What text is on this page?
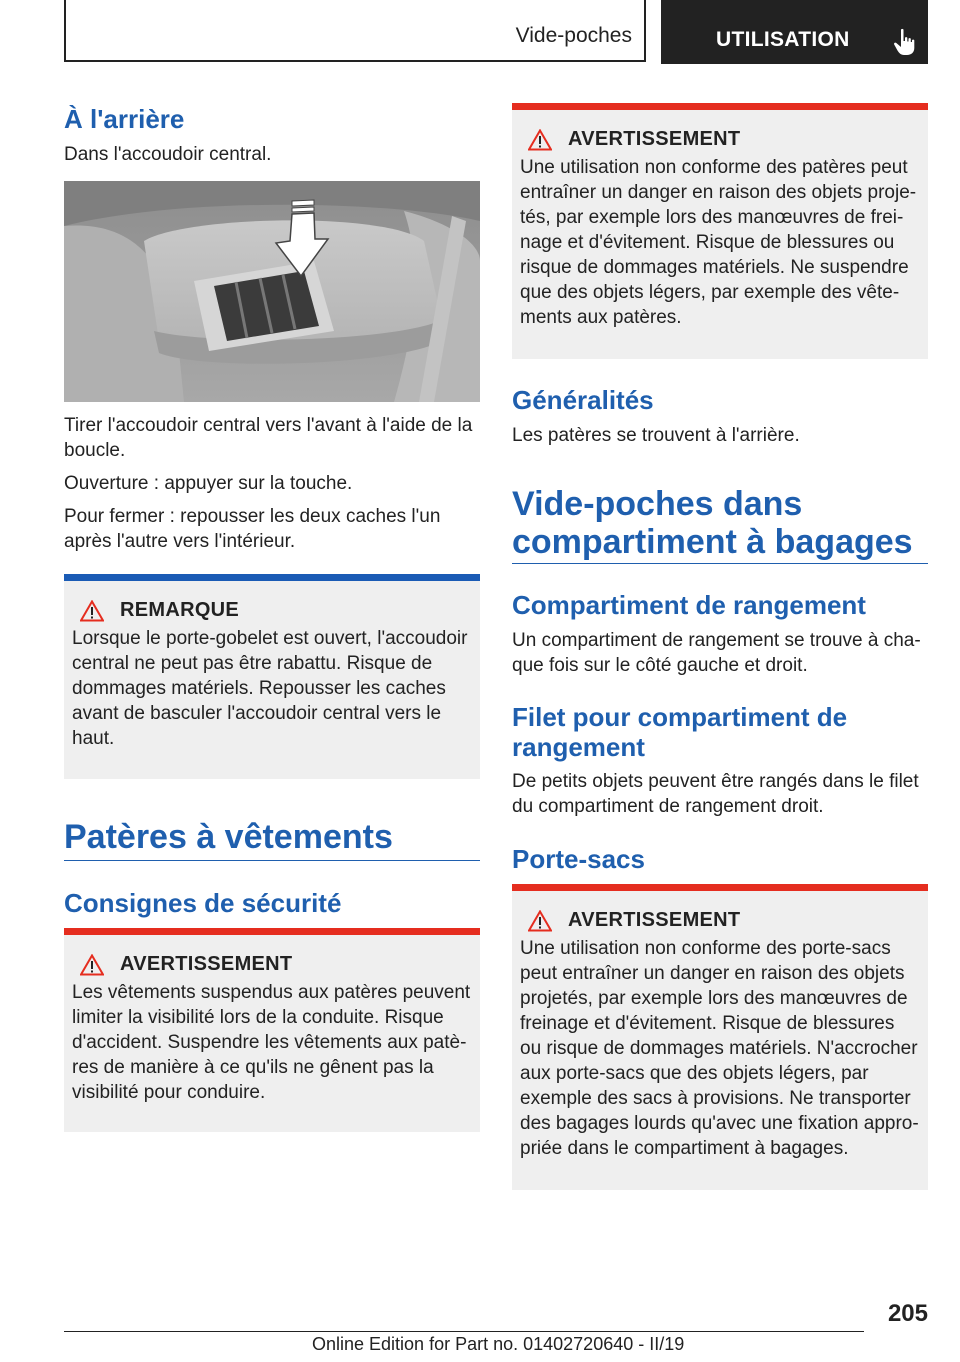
Vide-poches	UTILISATION
À l'arrière

Dans l'accoudoir central.

Tirer l'accoudoir central vers l'avant à l'aide de la boucle.

Ouverture : appuyer sur la touche.

Pour fermer : repousser les deux caches l'un après l'autre vers l'intérieur.

REMARQUE
Lorsque le porte-gobelet est ouvert, l'accoudoir central ne peut pas être rabattu. Risque de dommages matériels. Repousser les caches avant de basculer l'accoudoir central vers le haut.
Patères à vêtements
Consignes de sécurité
AVERTISSEMENT
Les vêtements suspendus aux patères peuvent limiter la visibilité lors de la conduite. Risque d'accident. Suspendre les vêtements aux patères de manière à ce qu'ils ne gênent pas la visibilité pour conduire.
AVERTISSEMENT
Une utilisation non conforme des patères peut entraîner un danger en raison des objets projetés, par exemple lors des manœuvres de freinage et d'évitement. Risque de blessures ou risque de dommages matériels. Ne suspendre que des objets légers, par exemple des vêtements aux patères.
Généralités

Les patères se trouvent à l'arrière.

Vide-poches dans compartiment à bagages
Compartiment de rangement

Un compartiment de rangement se trouve à chaque fois sur le côté gauche et droit.

Filet pour compartiment de rangement

De petits objets peuvent être rangés dans le filet du compartiment de rangement droit.

Porte-sacs
AVERTISSEMENT
Une utilisation non conforme des porte-sacs peut entraîner un danger en raison des objets projetés, par exemple lors des manœuvres de freinage et d'évitement. Risque de blessures ou risque de dommages matériels. N'accrocher aux porte-sacs que des objets légers, par exemple des sacs à provisions. Ne transporter des bagages lourds qu'avec une fixation appropriée dans le compartiment à bagages.
205
Online Edition for Part no. 01402720640 - II/19
